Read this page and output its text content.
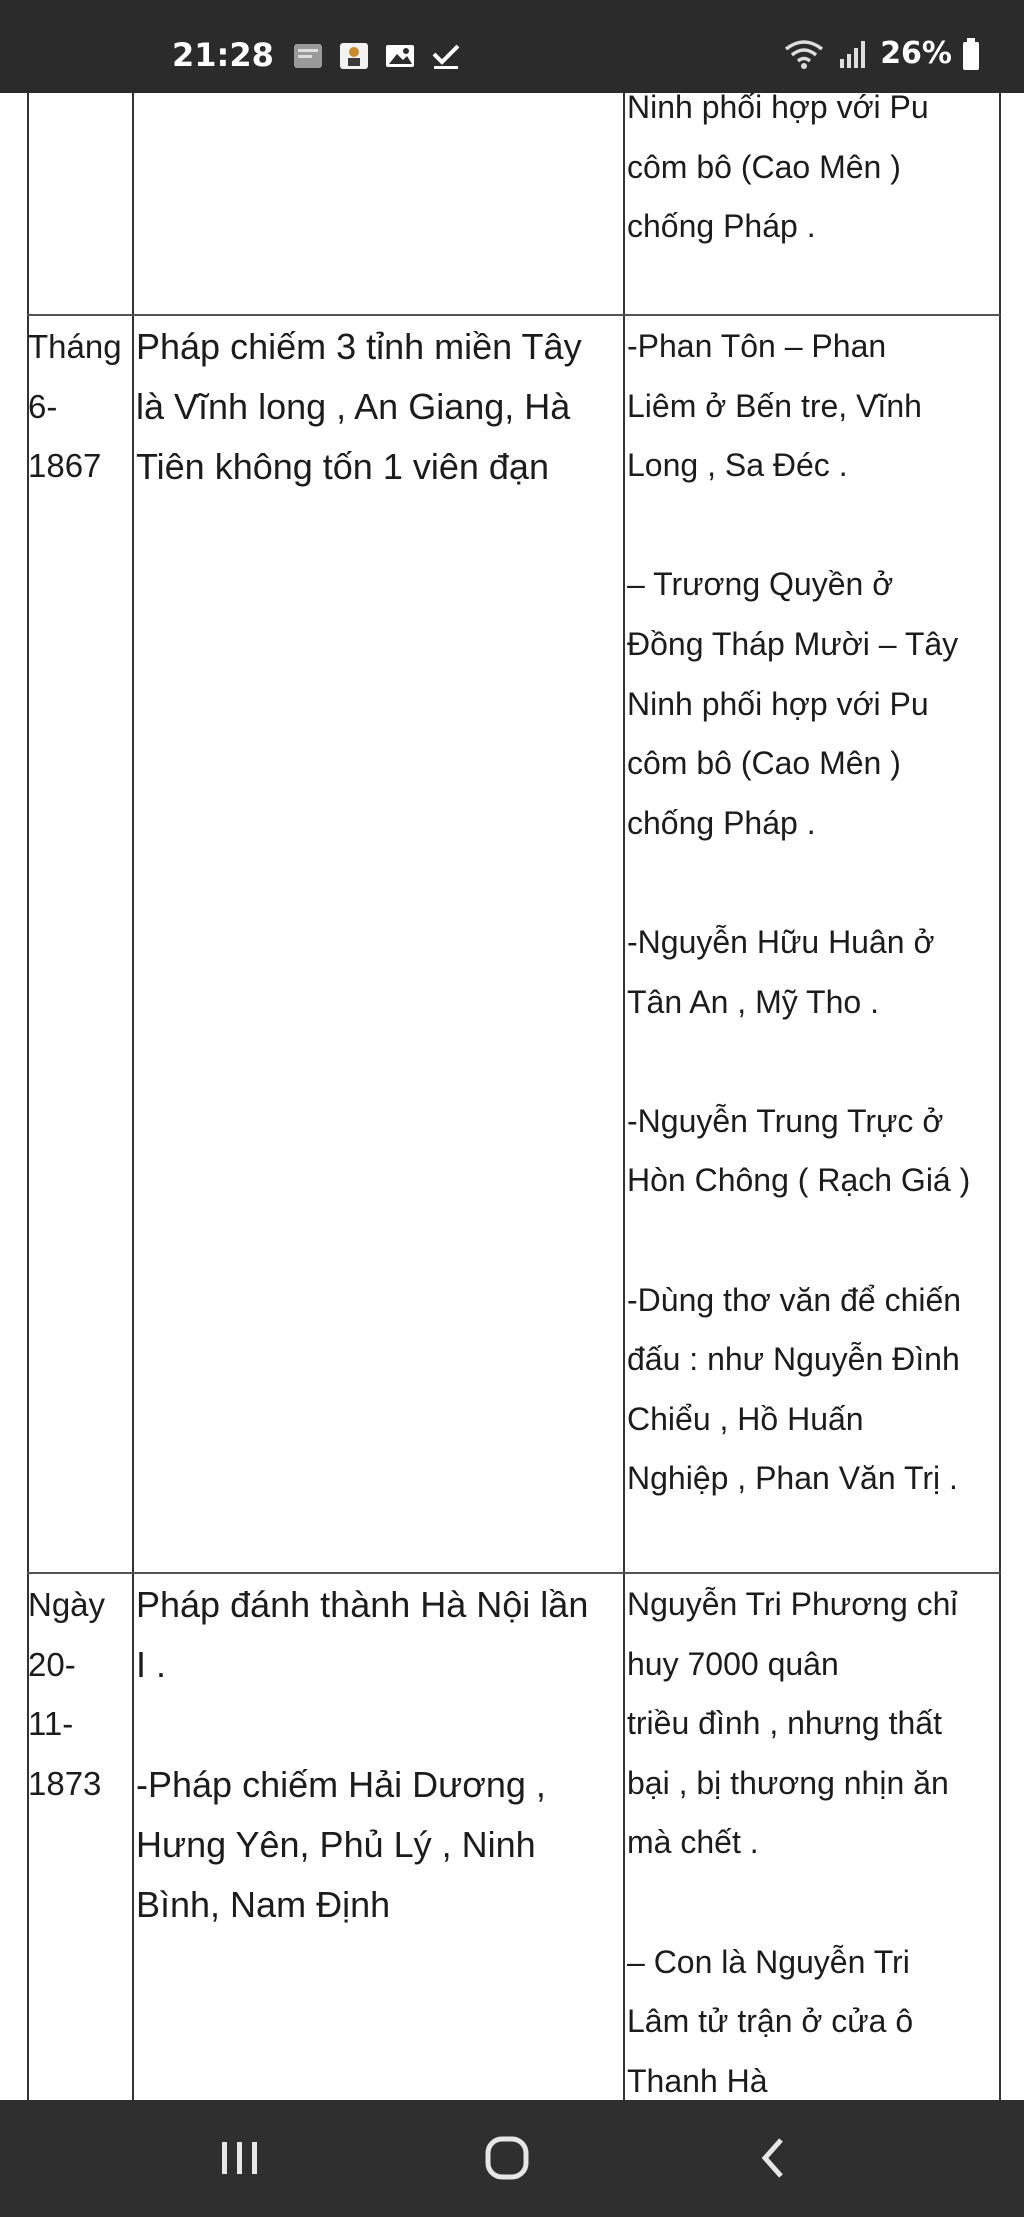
21:28	26%
Ninh phối hợp với Pu
côm bô (Cao Mên )
chống Pháp .
Tháng
6-
1867
Pháp chiếm 3 tỉnh miền Tây
là Vĩnh long , An Giang, Hà
Tiên không tốn 1 viên đạn
-Phan Tôn – Phan
Liêm ở Bến tre, Vĩnh
Long , Sa Đéc .
– Trương Quyền ở
Đồng Tháp Mười – Tây
Ninh phối hợp với Pu
côm bô (Cao Mên )
chống Pháp .
-Nguyễn Hữu Huân ở
Tân An , Mỹ Tho .
-Nguyễn Trung Trực ở
Hòn Chông ( Rạch Giá )
-Dùng thơ văn để chiến
đấu : như Nguyễn Đình
Chiểu , Hồ Huấn
Nghiệp , Phan Văn Trị .
Ngày
20-
11-
1873
Pháp đánh thành Hà Nội lần
I .
-Pháp chiếm Hải Dương ,
Hưng Yên, Phủ Lý , Ninh
Bình, Nam Định
Nguyễn Tri Phương chỉ
huy 7000 quân
triều đình , nhưng thất
bại , bị thương nhịn ăn
mà chết .
– Con là Nguyễn Tri
Lâm tử trận ở cửa ô
Thanh Hà
